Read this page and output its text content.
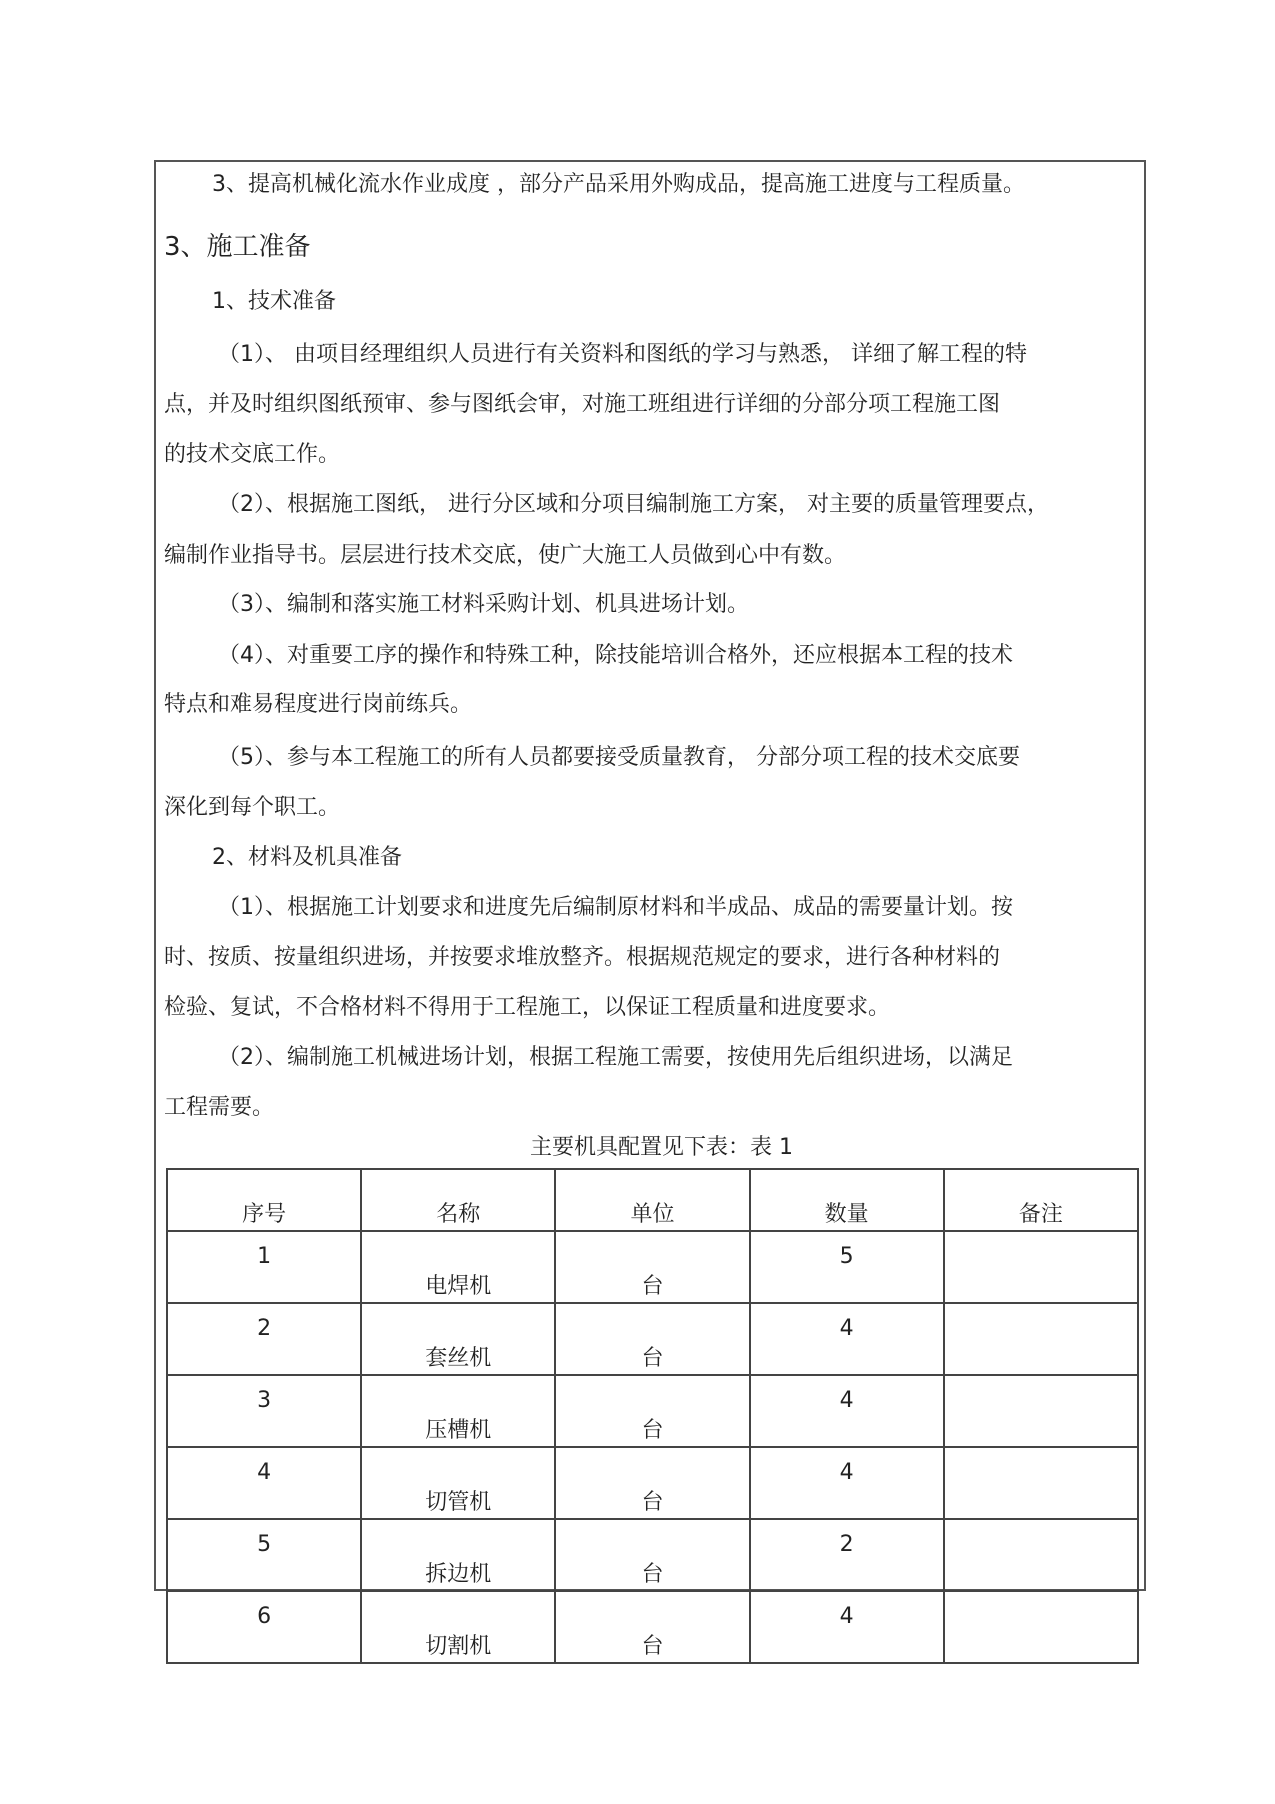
3、提高机械化流水作业成度 ，部分产品采用外购成品，提高施工进度与工程质量。
3、施工准备
1、技术准备
（1）、 由项目经理组织人员进行有关资料和图纸的学习与熟悉， 详细了解工程的特
点，并及时组织图纸预审、参与图纸会审，对施工班组进行详细的分部分项工程施工图
的技术交底工作。
（2）、根据施工图纸， 进行分区域和分项目编制施工方案， 对主要的质量管理要点，
编制作业指导书。层层进行技术交底，使广大施工人员做到心中有数。
（3）、编制和落实施工材料采购计划、机具进场计划。
（4）、对重要工序的操作和特殊工种，除技能培训合格外，还应根据本工程的技术
特点和难易程度进行岗前练兵。
（5）、参与本工程施工的所有人员都要接受质量教育， 分部分项工程的技术交底要
深化到每个职工。
2、材料及机具准备
（1）、根据施工计划要求和进度先后编制原材料和半成品、成品的需要量计划。按
时、按质、按量组织进场，并按要求堆放整齐。根据规范规定的要求，进行各种材料的
检验、复试，不合格材料不得用于工程施工，以保证工程质量和进度要求。
（2）、编制施工机械进场计划，根据工程施工需要，按使用先后组织进场，以满足
工程需要。
主要机具配置见下表：表 1
序号	名称	单位	数量	备注
1	电焊机	台	5	
2	套丝机	台	4	
3	压槽机	台	4	
4	切管机	台	4	
5	拆边机	台	2	
6	切割机	台	4	
